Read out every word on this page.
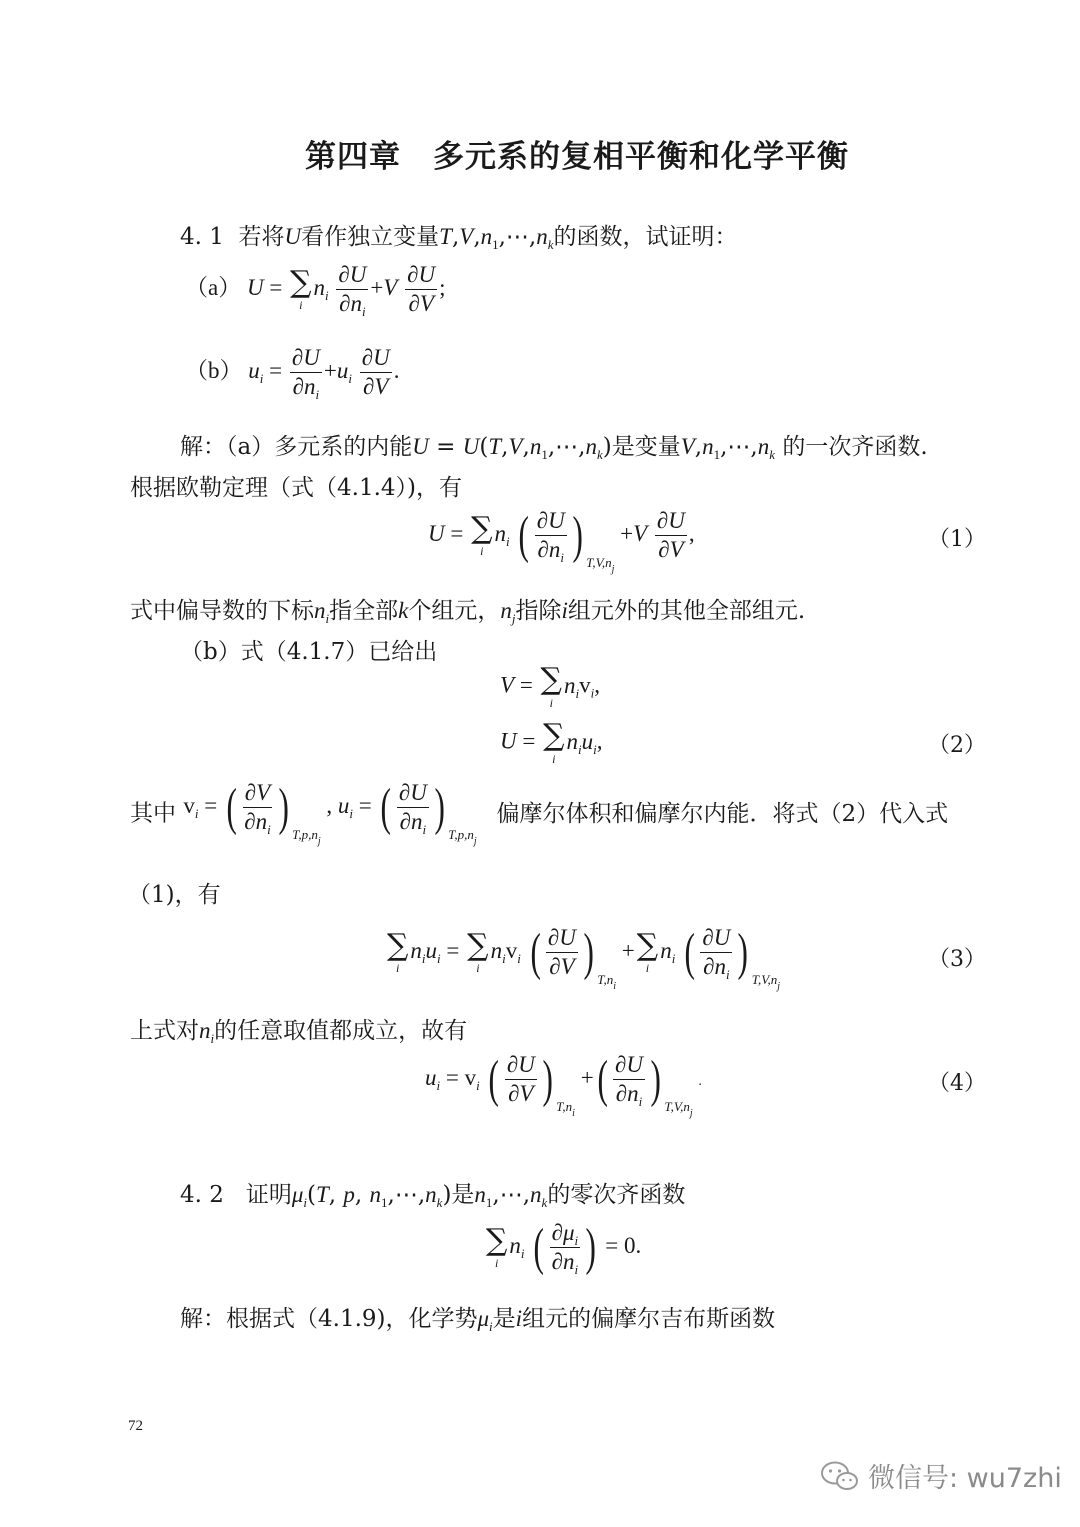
第四章　多元系的复相平衡和化学平衡
4. 1 若将U看作独立变量$T,V,n_1,\cdots,n_k$的函数，试证明：
（a） U = ∑
i
$n_i \frac{\partial U}{\partial n_i} +V \frac{\partial U}{\partial V}$ ;
（b） $u_i = \frac{\partial U}{\partial n_i} +u_i \frac{\partial U}{\partial V}$ .
解：（a）多元系的内能$U = U(T,V,n_1,\cdots,n_k)$是变量$V,n_1,\cdots,n_k$ 的一次齐函数.
根据欧勒定理（式（4.1.4）)，有
U = ∑
i
$n_i$ ( $\frac{\partial U}{\partial n_i}$ ) $_{T,V,n_j} +V \frac{\partial U}{\partial V}$ ,	（1）
式中偏导数的下标$n_i$指全部k个组元，$n_j$指除i组元外的其他全部组元.
（b）式（4.1.7）已给出
V = ∑
i
$n_iv_i$,
U = ∑
i
$n_iu_i$,	（2）
其中 $v_i$ = ( $\frac{\partial V}{\partial n_i}$ ) $_{T,p,n_j}$ , $u_i$ = ( $\frac{\partial U}{\partial n_i}$ ) $_{T,p,n_j}$ 偏摩尔体积和偏摩尔内能．将式（2）代入式
（1)，有
∑
i
$n_iu_i$ = ∑
i
$n_iv_i$ ( $\frac{\partial U}{\partial V}$ ) $_{T,n_i}$ + ∑
i
$n_i$ ( $\frac{\partial U}{\partial n_i}$ ) $_{T,V,n_j}$
（3）
上式对$n_i$的任意取值都成立，故有
$u_i = v_i$ ( $\frac{\partial U}{\partial V}$ ) $_{T,n_i}$ + ( $\frac{\partial U}{\partial n_i}$ ) $_{T,V,n_j}$ .	（4）
4. 2 证明$\mu_i(T$, p, $n_1,\cdots,n_k$)是$n_1,\cdots,n_k$的零次齐函数
∑
i
$n_i$ ( $\frac{\partial\mu_i}{\partial n_i}$ ) = 0.
解：根据式（4.1.9)，化学势$\mu_i$是i组元的偏摩尔吉布斯函数
72
微信号: wu7zhi
